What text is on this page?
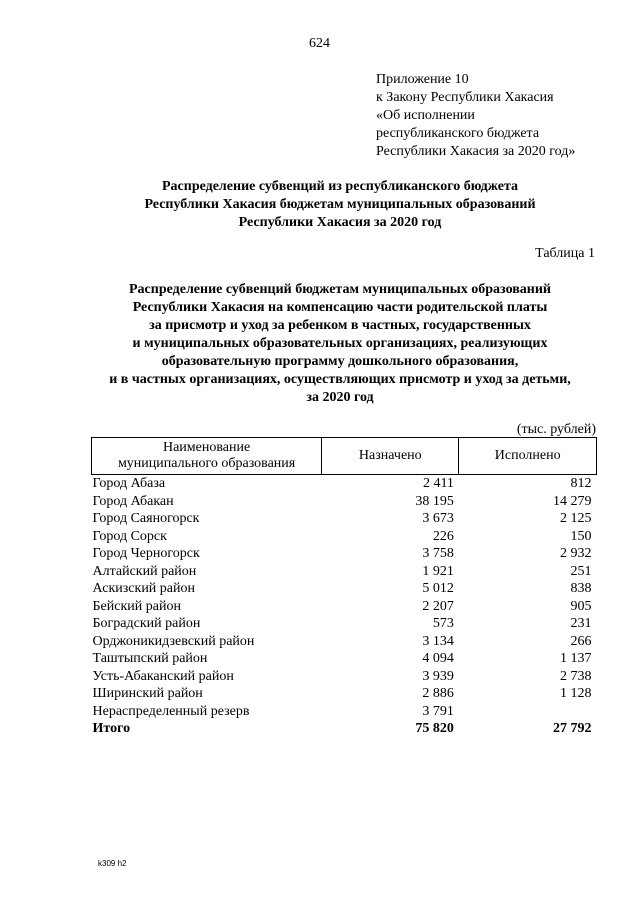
624
Приложение 10
к Закону Республики Хакасия
«Об исполнении
республиканского бюджета
Республики Хакасия за 2020 год»
Распределение субвенций из республиканского бюджета
Республики Хакасия бюджетам муниципальных образований
Республики Хакасия за 2020 год
Таблица 1
Распределение субвенций бюджетам муниципальных образований
Республики Хакасия на компенсацию части родительской платы
за присмотр и уход за ребенком в частных, государственных
и муниципальных образовательных организациях, реализующих
образовательную программу дошкольного образования,
и в частных организациях, осуществляющих присмотр и уход за детьми,
за 2020 год
(тыс. рублей)
Наименование
муниципального образования	Назначено	Исполнено
Город Абаза	2 411	812
Город Абакан	38 195	14 279
Город Саяногорск	3 673	2 125
Город Сорск	226	150
Город Черногорск	3 758	2 932
Алтайский район	1 921	251
Аскизский район	5 012	838
Бейский район	2 207	905
Боградский район	573	231
Орджоникидзевский район	3 134	266
Таштыпский район	4 094	1 137
Усть-Абаканский район	3 939	2 738
Ширинский район	2 886	1 128
Нераспределенный резерв	3 791	
Итого	75 820	27 792
k309 h2
